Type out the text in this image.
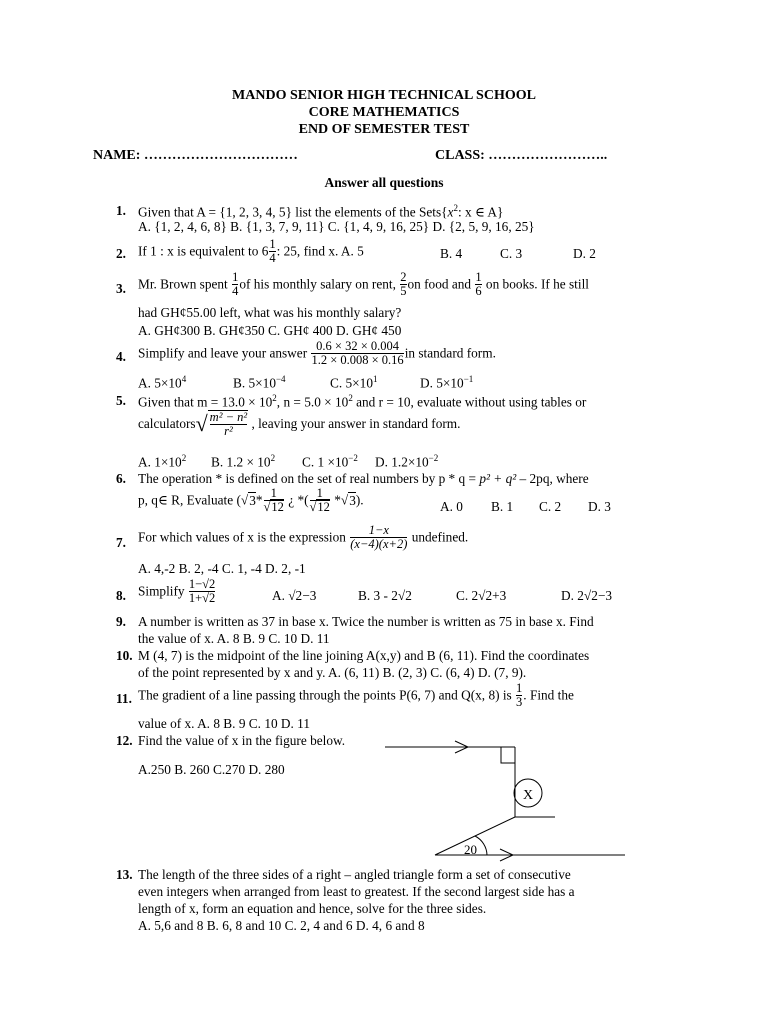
MANDO SENIOR HIGH TECHNICAL SCHOOL
CORE MATHEMATICS
END OF SEMESTER TEST
NAME: ……………………………	CLASS: ……………………..
Answer all questions
1. Given that A = {1, 2, 3, 4, 5} list the elements of the $Sets\{x^2$: x ∈ A}
A. {1, 2, 4, 6, 8} B. {1, 3, 7, 9, 11} C. {1, 4, 9, 16, 25} D. {2, 5, 9, 16, 25}
2. If 1 : x is equivalent to $6 \frac{1}{4}$ : 25, find x. A. 5	B. 4	C. 3	D. 2
3. Mr. Brown spent $\frac{1}{4}$ of his monthly salary on rent, $\frac{2}{5}$ on food and $\frac{1}{6}$ on books. If he still
had GH¢55.00 left, what was his monthly salary?
A. GH¢300 B. GH¢350 C. GH¢ 400 D. GH¢ 450
4. Simplify and leave your answer $\frac{0.6 \times 32 \times 0.004}{1.2 \times 0.008 \times 0.16}$ in standard form.
A. $5\times 10^4$	B. $5\times 10^{-4}$	C. $5\times 10^1$	D. $5\times 10^{-1}$
5. Given that $m = 13.0 \times 10^2$, $n = 5.0 \times 10^2$ and r = 10, evaluate without using tables or
calculators√ $\frac{\text{m² − n²}}{\text{r²}}$ , leaving your answer in standard form.
A. $1\times 10^2$ B. $1.2 \times 10^2$ C. $1 \times 10^{-2}$ D. $1.2\times 10^{-2}$
6. The operation * is defined on the set of real numbers by p * q = p² + q² – 2pq, where
p, q∈ R, Evaluate ($√3* \frac{1}{√12}$ ¿ *( $\frac{1}{√12} *√3$).	A. 0 B. 1 C. 2 D. 3
7. For which values of x is the expression $\frac{1-x}{(x-4)(x+2)}$ undefined.
A. 4,-2 B. 2, -4 C. 1, -4 D. 2, -1
8. Simplify $\frac{1-√2}{1+√2}$	A. √2−3	B. 3 - 2√2	C. 2√2+3	D. 2√2−3
9. A number is written as 37 in base x. Twice the number is written as 75 in base x. Find
the value of x. A. 8 B. 9 C. 10 D. 11
10. M (4, 7) is the midpoint of the line joining A(x,y) and B (6, 11). Find the coordinates
of the point represented by x and y. A. (6, 11) B. (2, 3) C. (6, 4) D. (7, 9).
11. The gradient of a line passing through the points P(6, 7) and Q(x, 8) is $\frac{1}{3}$ . Find the
value of x. A. 8 B. 9 C. 10 D. 11
12. Find the value of x in the figure below.
A.250 B. 260 C.270 D. 280
X
20
13. The length of the three sides of a right – angled triangle form a set of consecutive
even integers when arranged from least to greatest. If the second largest side has a
length of x, form an equation and hence, solve for the three sides.
A. 5,6 and 8 B. 6, 8 and 10 C. 2, 4 and 6 D. 4, 6 and 8
